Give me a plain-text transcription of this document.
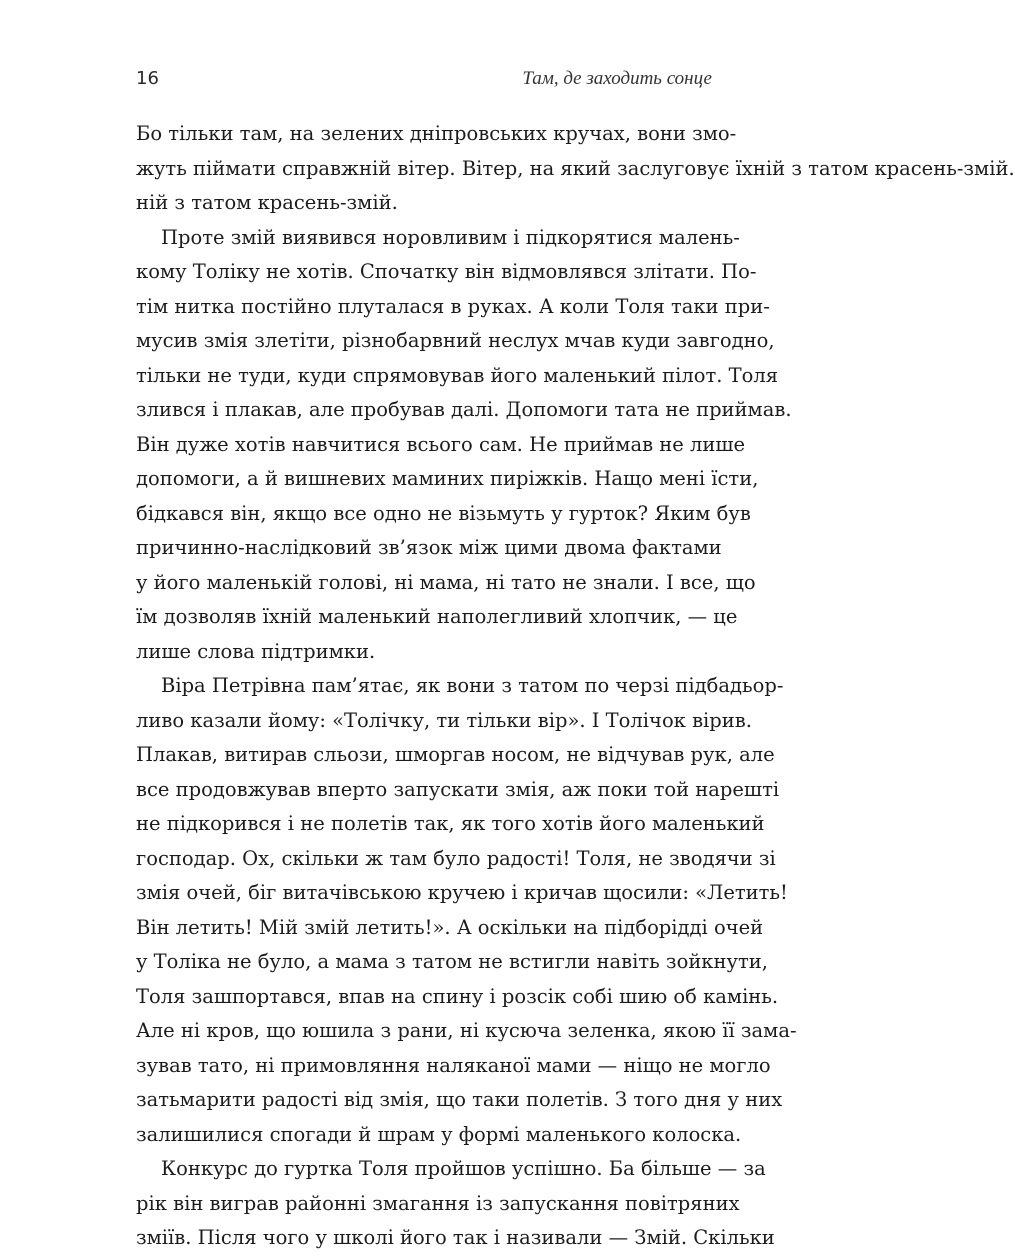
16	Там, де заходить сонце
Бо тільки там, на зелених дніпровських кручах, вони змо-
жуть піймати справжній вітер. Вітер, на який заслуговує їхній з татом красень-змій.
ній з татом красень-змій.
Проте змій виявився норовливим і підкорятися малень-
кому Толіку не хотів. Спочатку він відмовлявся злітати. По-
тім нитка постійно плуталася в руках. А коли Толя таки при-
мусив змія злетіти, різнобарвний неслух мчав куди завгодно,
тільки не туди, куди спрямовував його маленький пілот. Толя
злився і плакав, але пробував далі. Допомоги тата не приймав.
Він дуже хотів навчитися всього сам. Не приймав не лише
допомоги, а й вишневих маминих пиріжків. Нащо мені їсти,
бідкався він, якщо все одно не візьмуть у гурток? Яким був
причинно-наслідковий зв’язок між цими двома фактами
у його маленькій голові, ні мама, ні тато не знали. І все, що
їм дозволяв їхній маленький наполегливий хлопчик, — це
лише слова підтримки.
Віра Петрівна пам’ятає, як вони з татом по черзі підбадьор-
ливо казали йому: «Толічку, ти тільки вір». І Толічок вірив.
Плакав, витирав сльози, шморгав носом, не відчував рук, але
все продовжував вперто запускати змія, аж поки той нарешті
не підкорився і не полетів так, як того хотів його маленький
господар. Ох, скільки ж там було радості! Толя, не зводячи зі
змія очей, біг витачівською кручею і кричав щосили: «Летить!
Він летить! Мій змій летить!». А оскільки на підборідді очей
у Толіка не було, а мама з татом не встигли навіть зойкнути,
Толя зашпортався, впав на спину і розсік собі шию об камінь.
Але ні кров, що юшила з рани, ні кусюча зеленка, якою її зама-
зував тато, ні примовляння наляканої мами — ніщо не могло
затьмарити радості від змія, що таки полетів. З того дня у них
залишилися спогади й шрам у формі маленького колоска.
Конкурс до гуртка Толя пройшов успішно. Ба більше — за
рік він виграв районні змагання із запускання повітряних
зміїв. Після чого у школі його так і називали — Змій. Скільки
